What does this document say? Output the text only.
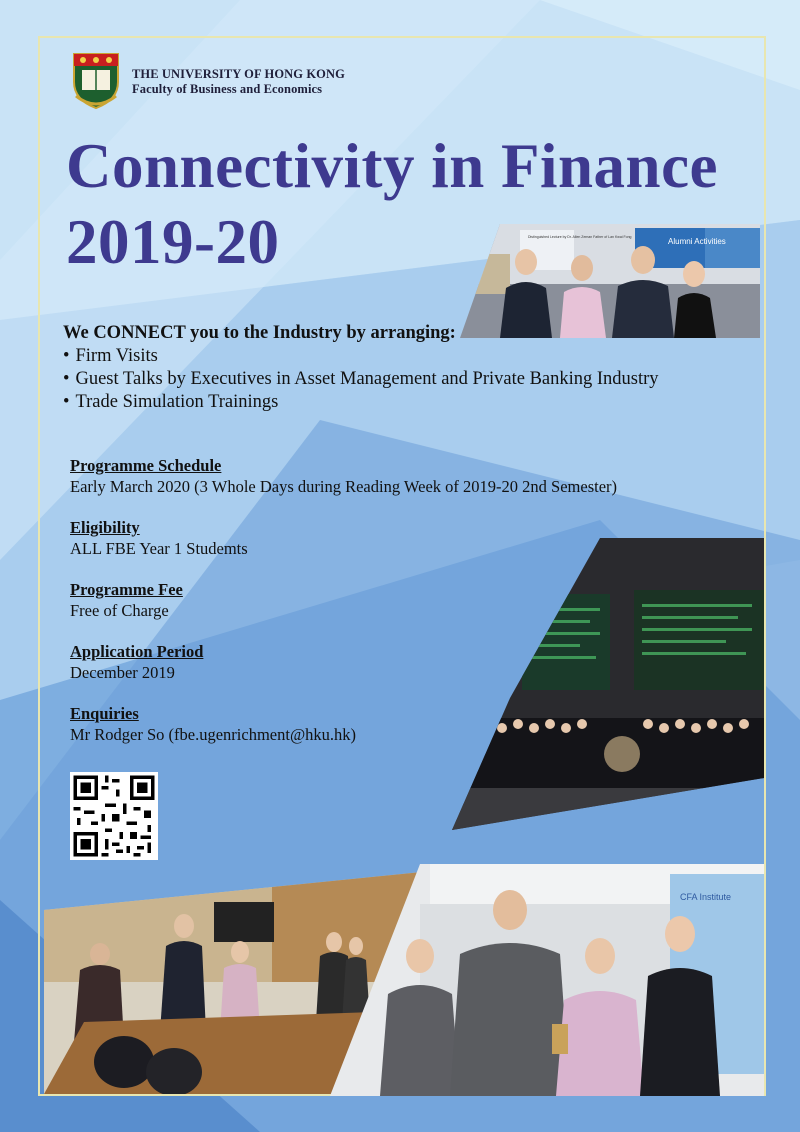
THE UNIVERSITY OF HONG KONG
Faculty of Business and Economics
Connectivity in Finance
2019-20	Alumni Activities
Distinguished Lecture by Dr. Allen Zeman Father of Lan Kwai Fong
We CONNECT you to the Industry by arranging:
• Firm Visits
• Guest Talks by Executives in Asset Management and Private Banking Industry
• Trade Simulation Trainings
Programme Schedule
Early March 2020 (3 Whole Days during Reading Week of 2019-20 2nd Semester)
Eligibility
ALL FBE Year 1 Studemts
Programme Fee
Free of Charge
Application Period
December 2019
Enquiries
Mr Rodger So (fbe.ugenrichment@hku.hk)
CFA Institute
